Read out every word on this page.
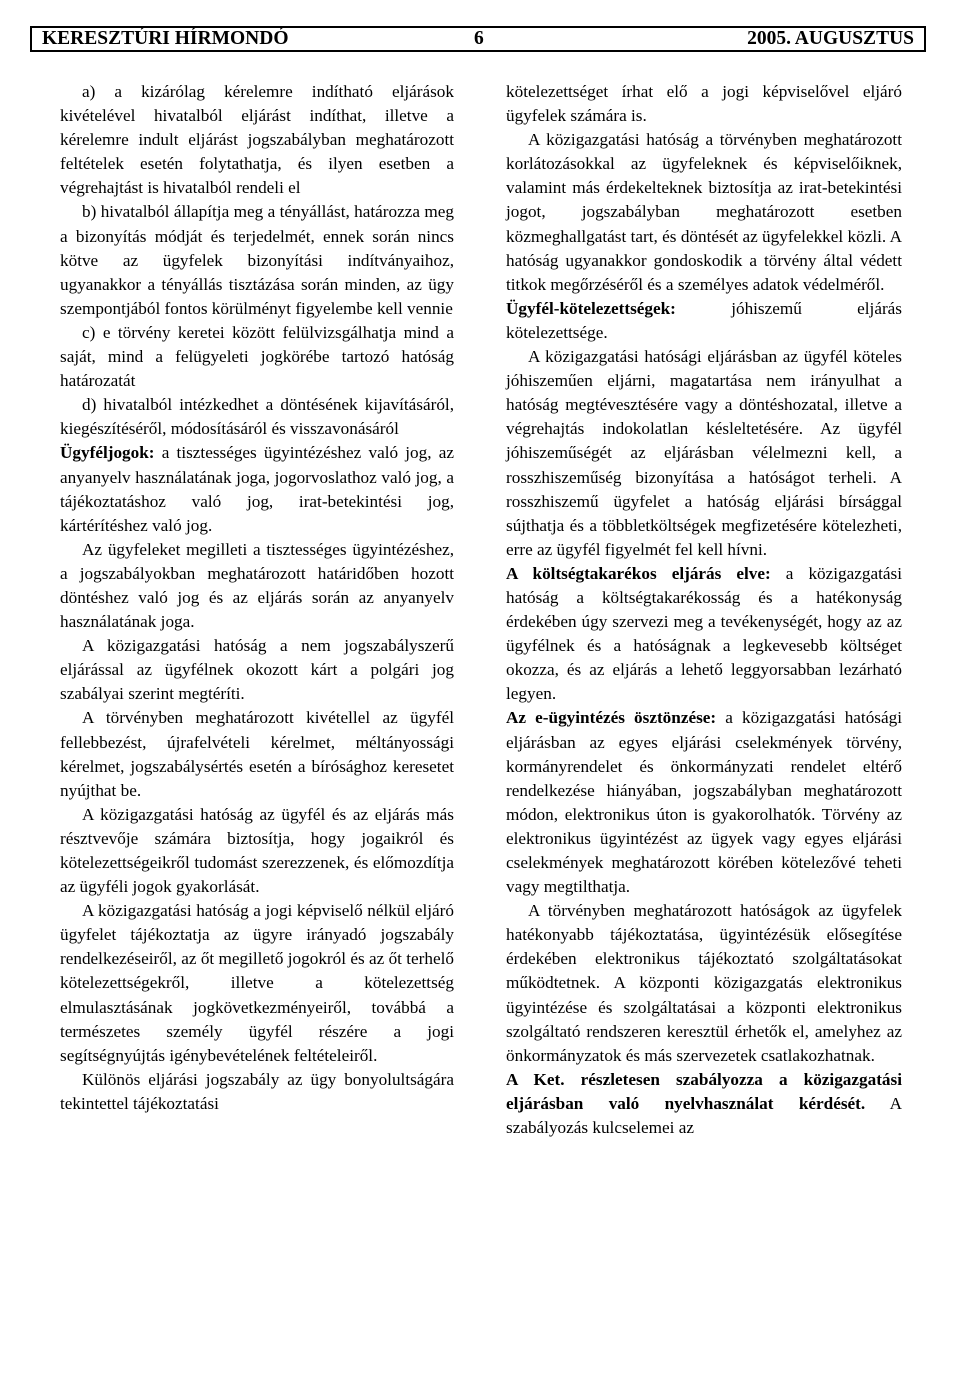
KERESZTÚRI HÍRMONDÓ	6	2005. AUGUSZTUS

a) a kizárólag kérelemre indítható eljárások kivételével hivatalból eljárást indíthat, illetve a kérelemre indult eljárást jogszabályban meghatározott feltételek esetén folytathatja, és ilyen esetben a végrehajtást is hivatalból rendeli el

b) hivatalból állapítja meg a tényállást, határozza meg a bizonyítás módját és terjedelmét, ennek során nincs kötve az ügyfelek bizonyítási indítványaihoz, ugyanakkor a tényállás tisztázása során minden, az ügy szempontjából fontos körülményt figyelembe kell vennie

c) e törvény keretei között felülvizsgálhatja mind a saját, mind a felügyeleti jogkörébe tartozó hatóság határozatát

d) hivatalból intézkedhet a döntésének kijavításáról, kiegészítéséről, módosításáról és visszavonásáról

Ügyféljogok: a tisztességes ügyintézéshez való jog, az anyanyelv használatának joga, jogorvoslathoz való jog, a tájékoztatáshoz való jog, irat-betekintési jog, kártérítéshez való jog.

Az ügyfeleket megilleti a tisztességes ügyintézéshez, a jogszabályokban meghatározott határidőben hozott döntéshez való jog és az eljárás során az anyanyelv használatának joga.

A közigazgatási hatóság a nem jogszabályszerű eljárással az ügyfélnek okozott kárt a polgári jog szabályai szerint megtéríti.

A törvényben meghatározott kivétellel az ügyfél fellebbezést, újrafelvételi kérelmet, méltányossági kérelmet, jogszabálysértés esetén a bírósághoz keresetet nyújthat be.

A közigazgatási hatóság az ügyfél és az eljárás más résztvevője számára biztosítja, hogy jogaikról és kötelezettségeikről tudomást szerezzenek, és előmozdítja az ügyféli jogok gyakorlását.

A közigazgatási hatóság a jogi képviselő nélkül eljáró ügyfelet tájékoztatja az ügyre irányadó jogszabály rendelkezéseiről, az őt megillető jogokról és az őt terhelő kötelezettségekről, illetve a kötelezettség elmulasztásának jogkövetkezményeiről, továbbá a természetes személy ügyfél részére a jogi segítségnyújtás igénybevételének feltételeiről.

Különös eljárási jogszabály az ügy bonyolultságára tekintettel tájékoztatási

kötelezettséget írhat elő a jogi képviselővel eljáró ügyfelek számára is.

A közigazgatási hatóság a törvényben meghatározott korlátozásokkal az ügyfeleknek és képviselőiknek, valamint más érdekelteknek biztosítja az irat-betekintési jogot, jogszabályban meghatározott esetben közmeghallgatást tart, és döntését az ügyfelekkel közli. A hatóság ugyanakkor gondoskodik a törvény által védett titkok megőrzéséről és a személyes adatok védelméről.

Ügyfél-kötelezettségek: jóhiszemű eljárás kötelezettsége.

A közigazgatási hatósági eljárásban az ügyfél köteles jóhiszeműen eljárni, magatartása nem irányulhat a hatóság megtévesztésére vagy a döntéshozatal, illetve a végrehajtás indokolatlan késleltetésére. Az ügyfél jóhiszeműségét az eljárásban vélelmezni kell, a rosszhiszeműség bizonyítása a hatóságot terheli. A rosszhiszemű ügyfelet a hatóság eljárási bírsággal sújthatja és a többletköltségek megfizetésére kötelezheti, erre az ügyfél figyelmét fel kell hívni.

A költségtakarékos eljárás elve: a közigazgatási hatóság a költségtakarékosság és a hatékonyság érdekében úgy szervezi meg a tevékenységét, hogy az az ügyfélnek és a hatóságnak a legkevesebb költséget okozza, és az eljárás a lehető leggyorsabban lezárható legyen.

Az e-ügyintézés ösztönzése: a közigazgatási hatósági eljárásban az egyes eljárási cselekmények törvény, kormányrendelet és önkormányzati rendelet eltérő rendelkezése hiányában, jogszabályban meghatározott módon, elektronikus úton is gyakorolhatók. Törvény az elektronikus ügyintézést az ügyek vagy egyes eljárási cselekmények meghatározott körében kötelezővé teheti vagy megtilthatja.

A törvényben meghatározott hatóságok az ügyfelek hatékonyabb tájékoztatása, ügyintézésük elősegítése érdekében elektronikus tájékoztató szolgáltatásokat működtetnek. A központi közigazgatás elektronikus ügyintézése és szolgáltatásai a központi elektronikus szolgáltató rendszeren keresztül érhetők el, amelyhez az önkormányzatok és más szervezetek csatlakozhatnak.

A Ket. részletesen szabályozza a közigazgatási eljárásban való nyelvhasználat kérdését. A szabályozás kulcselemei az
